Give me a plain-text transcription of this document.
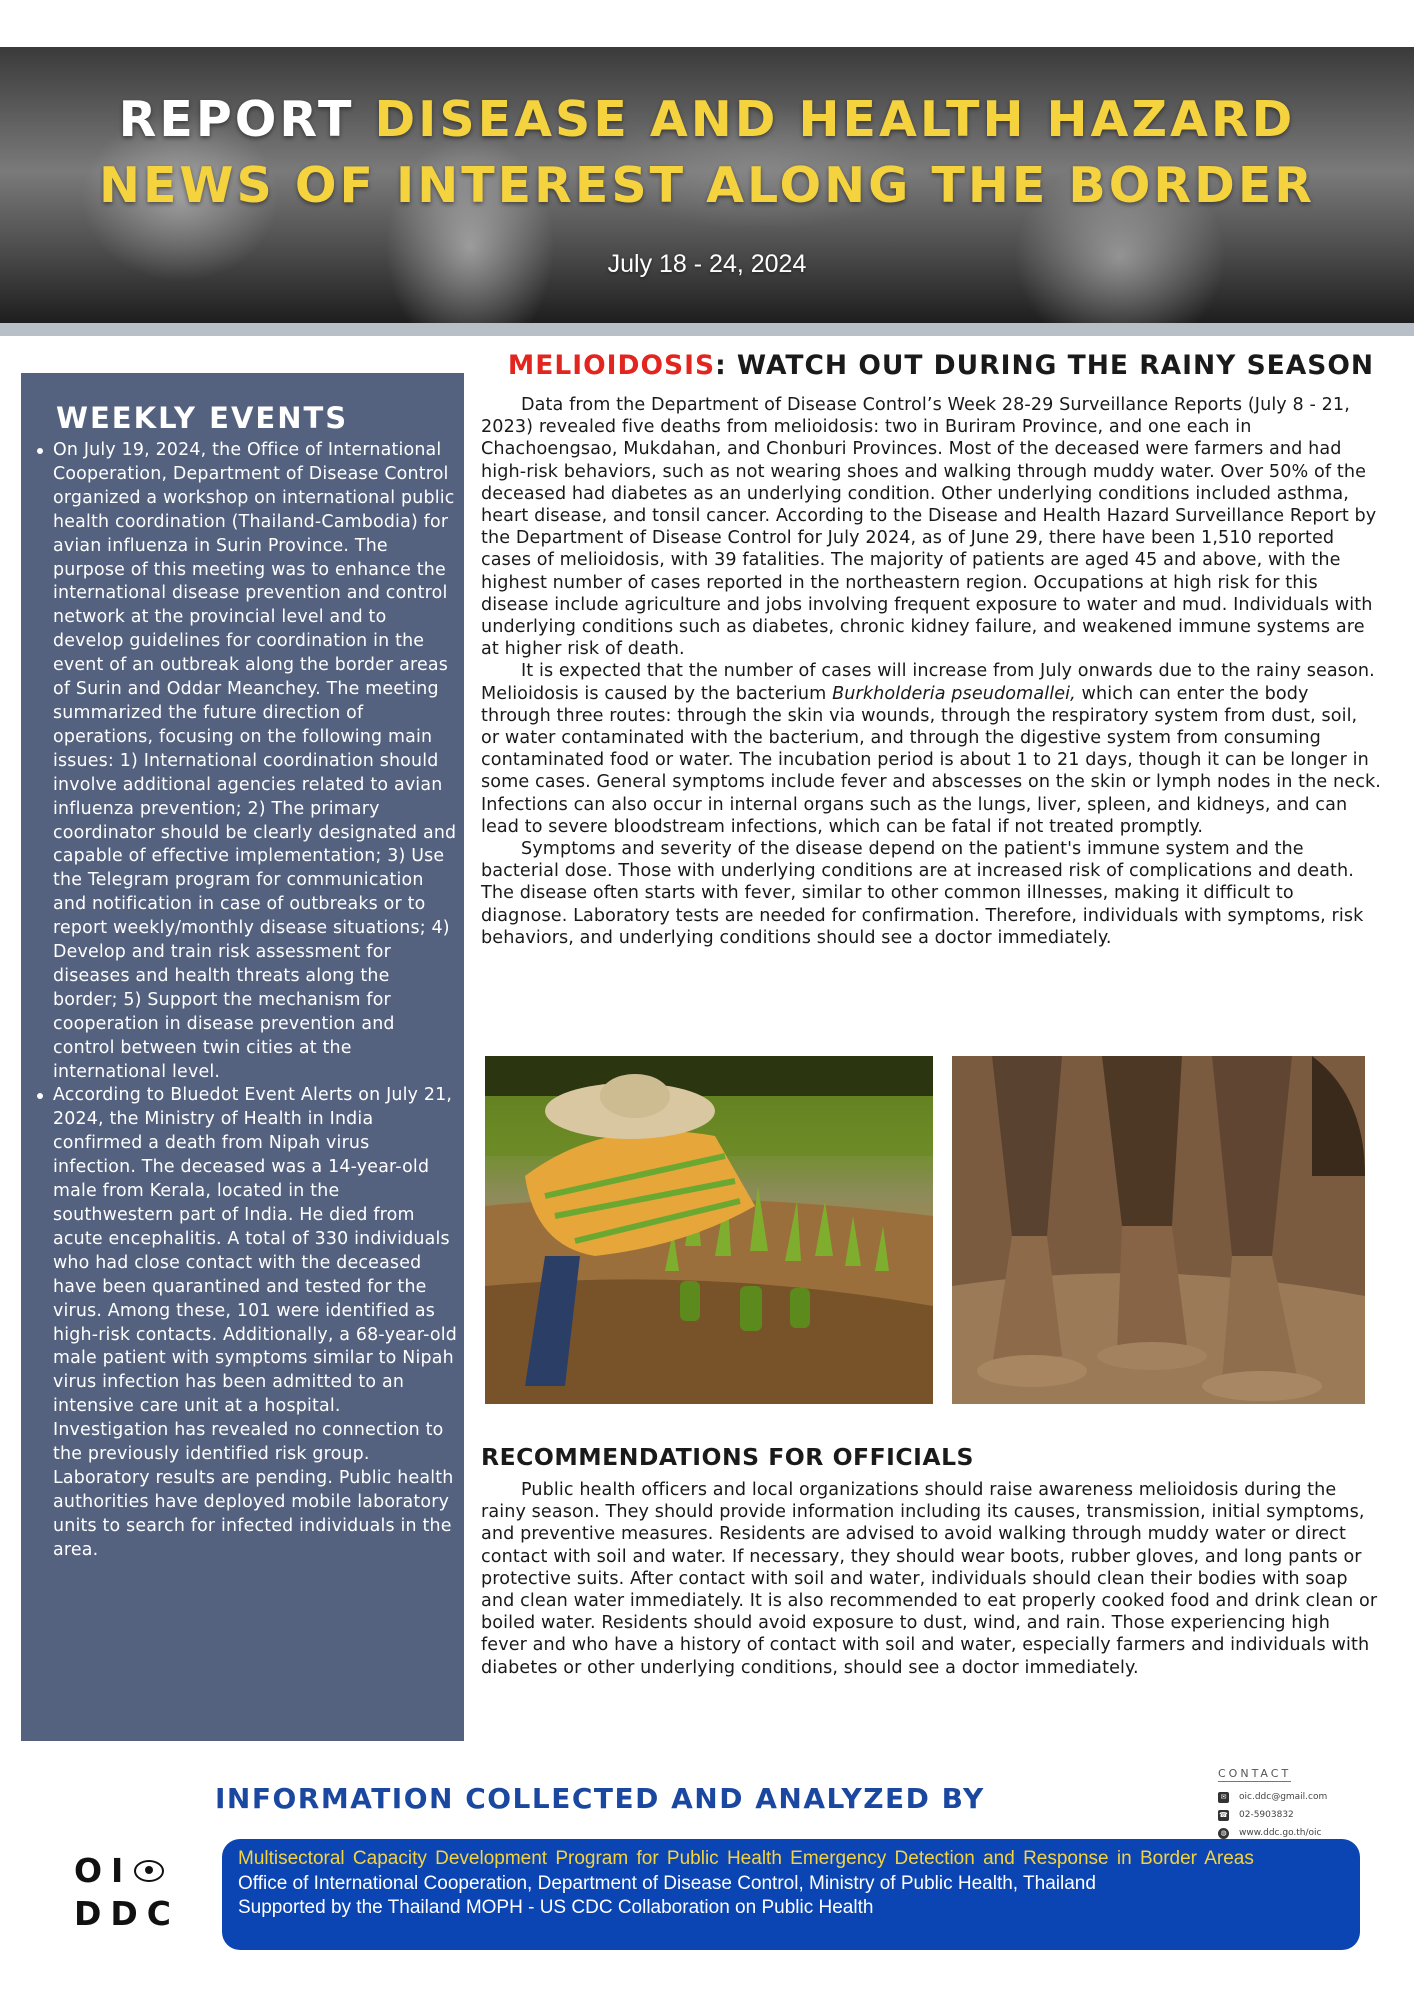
REPORT DISEASE AND HEALTH HAZARD
NEWS OF INTEREST ALONG THE BORDER
July 18 - 24, 2024
WEEKLY EVENTS
On July 19, 2024, the Office of International Cooperation, Department of Disease Control organized a workshop on international public health coordination (Thailand-Cambodia) for avian influenza in Surin Province. The purpose of this meeting was to enhance the international disease prevention and control network at the provincial level and to develop guidelines for coordination in the event of an outbreak along the border areas of Surin and Oddar Meanchey. The meeting summarized the future direction of operations, focusing on the following main issues: 1) International coordination should involve additional agencies related to avian influenza prevention; 2) The primary coordinator should be clearly designated and capable of effective implementation; 3) Use the Telegram program for communication and notification in case of outbreaks or to report weekly/monthly disease situations; 4) Develop and train risk assessment for diseases and health threats along the border; 5) Support the mechanism for cooperation in disease prevention and control between twin cities at the international level.
According to Bluedot Event Alerts on July 21, 2024, the Ministry of Health in India confirmed a death from Nipah virus infection. The deceased was a 14-year-old male from Kerala, located in the southwestern part of India. He died from acute encephalitis. A total of 330 individuals who had close contact with the deceased have been quarantined and tested for the virus. Among these, 101 were identified as high-risk contacts. Additionally, a 68-year-old male patient with symptoms similar to Nipah virus infection has been admitted to an intensive care unit at a hospital. Investigation has revealed no connection to the previously identified risk group. Laboratory results are pending. Public health authorities have deployed mobile laboratory units to search for infected individuals in the area.
MELIOIDOSIS: WATCH OUT DURING THE RAINY SEASON

Data from the Department of Disease Control’s Week 28-29 Surveillance Reports (July 8 - 21, 2023) revealed five deaths from melioidosis: two in Buriram Province, and one each in Chachoengsao, Mukdahan, and Chonburi Provinces. Most of the deceased were farmers and had high-risk behaviors, such as not wearing shoes and walking through muddy water. Over 50% of the deceased had diabetes as an underlying condition. Other underlying conditions included asthma, heart disease, and tonsil cancer. According to the Disease and Health Hazard Surveillance Report by the Department of Disease Control for July 2024, as of June 29, there have been 1,510 reported cases of melioidosis, with 39 fatalities. The majority of patients are aged 45 and above, with the highest number of cases reported in the northeastern region. Occupations at high risk for this disease include agriculture and jobs involving frequent exposure to water and mud. Individuals with underlying conditions such as diabetes, chronic kidney failure, and weakened immune systems are at higher risk of death.

It is expected that the number of cases will increase from July onwards due to the rainy season. Melioidosis is caused by the bacterium Burkholderia pseudomallei, which can enter the body through three routes: through the skin via wounds, through the respiratory system from dust, soil, or water contaminated with the bacterium, and through the digestive system from consuming contaminated food or water. The incubation period is about 1 to 21 days, though it can be longer in some cases. General symptoms include fever and abscesses on the skin or lymph nodes in the neck. Infections can also occur in internal organs such as the lungs, liver, spleen, and kidneys, and can lead to severe bloodstream infections, which can be fatal if not treated promptly.

Symptoms and severity of the disease depend on the patient's immune system and the bacterial dose. Those with underlying conditions are at increased risk of complications and death. The disease often starts with fever, similar to other common illnesses, making it difficult to diagnose. Laboratory tests are needed for confirmation. Therefore, individuals with symptoms, risk behaviors, and underlying conditions should see a doctor immediately.

RECOMMENDATIONS FOR OFFICIALS

Public health officers and local organizations should raise awareness melioidosis during the rainy season. They should provide information including its causes, transmission, initial symptoms, and preventive measures. Residents are advised to avoid walking through muddy water or direct contact with soil and water. If necessary, they should wear boots, rubber gloves, and long pants or protective suits. After contact with soil and water, individuals should clean their bodies with soap and clean water immediately. It is also recommended to eat properly cooked food and drink clean or boiled water. Residents should avoid exposure to dust, wind, and rain. Those experiencing high fever and who have a history of contact with soil and water, especially farmers and individuals with diabetes or other underlying conditions, should see a doctor immediately.

INFORMATION COLLECTED AND ANALYZED BY
CONTACT
✉ oic.ddc@gmail.com
☎ 02-5903832
◍ www.ddc.go.th/oic
OI
DDC
Multisectoral Capacity Development Program for Public Health Emergency Detection and Response in Border Areas
Office of International Cooperation, Department of Disease Control, Ministry of Public Health, Thailand
Supported by the Thailand MOPH - US CDC Collaboration on Public Health
